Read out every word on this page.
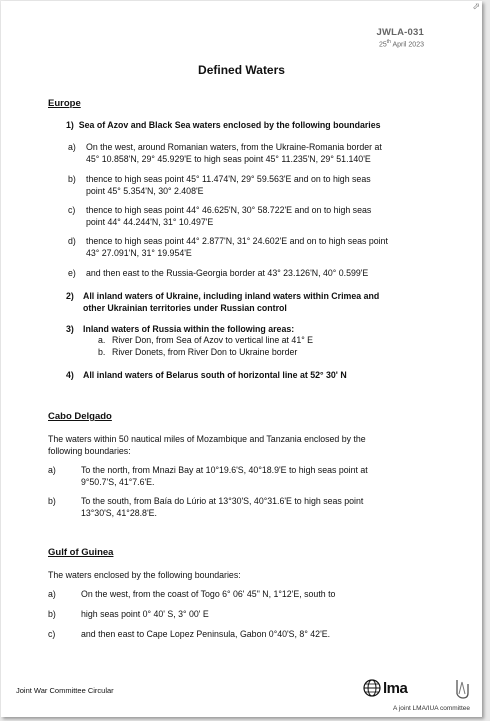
⬀
JWLA-031
25th April 2023
Defined Waters
Europe
1) Sea of Azov and Black Sea waters enclosed by the following boundaries
a)	On the west, around Romanian waters, from the Ukraine-Romania border at
45° 10.858'N, 29° 45.929'E to high seas point 45° 11.235'N, 29° 51.140'E
b)	thence to high seas point 45° 11.474'N, 29° 59.563'E and on to high seas
point 45° 5.354'N, 30° 2.408'E
c)	thence to high seas point 44° 46.625'N, 30° 58.722'E and on to high seas
point 44° 44.244'N, 31° 10.497'E
d)	thence to high seas point 44° 2.877'N, 31° 24.602'E and on to high seas point
43° 27.091'N, 31° 19.954'E
e)	and then east to the Russia-Georgia border at 43° 23.126'N, 40° 0.599'E
2)	All inland waters of Ukraine, including inland waters within Crimea and
other Ukrainian territories under Russian control
3)	Inland waters of Russia within the following areas:
a. River Don, from Sea of Azov to vertical line at 41° E
b. River Donets, from River Don to Ukraine border
4)	All inland waters of Belarus south of horizontal line at 52° 30' N
Cabo Delgado
The waters within 50 nautical miles of Mozambique and Tanzania enclosed by the
following boundaries:
a)	To the north, from Mnazi Bay at 10°19.6'S, 40°18.9'E to high seas point at
9°50.7'S, 41°7.6'E.
b)	To the south, from Baía do Lúrio at 13°30'S, 40°31.6'E to high seas point
13°30'S, 41°28.8'E.
Gulf of Guinea
The waters enclosed by the following boundaries:
a)	On the west, from the coast of Togo 6° 06' 45" N, 1°12'E, south to
b)	high seas point 0° 40' S, 3° 00' E
c)	and then east to Cape Lopez Peninsula, Gabon 0°40'S, 8° 42'E.
Joint War Committee Circular	lma
A joint LMA/IUA committee
